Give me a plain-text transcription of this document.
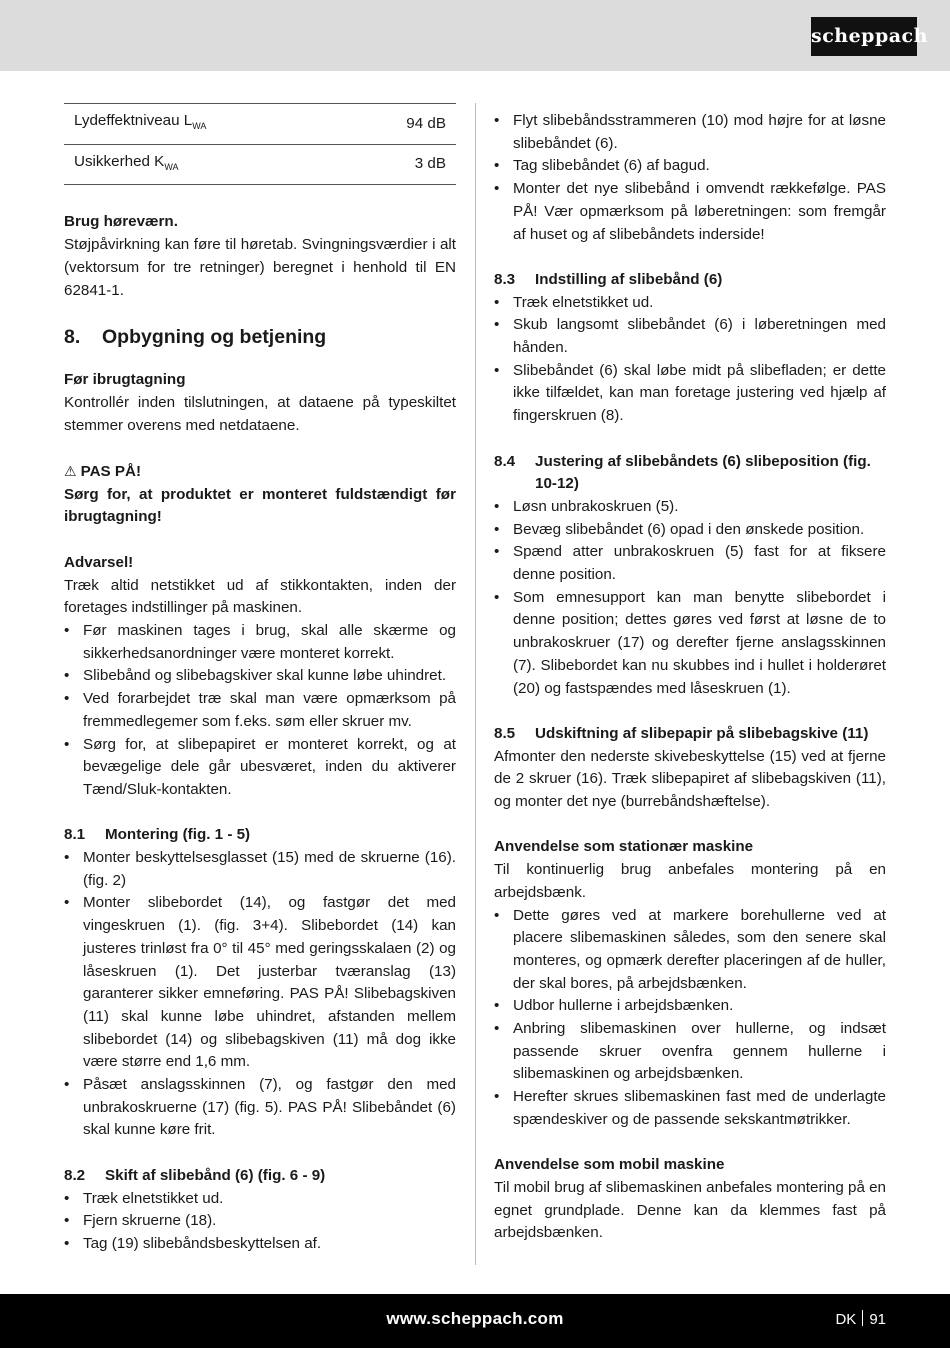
scheppach
Lydeffektniveau $L_{WA}$	94 dB
Usikkerhed $K_{WA}$	3 dB

Brug høreværn.

Støjpåvirkning kan føre til høretab. Svingningsværdier i alt (vektorsum for tre retninger) beregnet i henhold til EN 62841-1.

8.	Opbygning og betjening

Før ibrugtagning

Kontrollér inden tilslutningen, at dataene på typeskiltet stemmer overens med netdataene.

⚠ PAS PÅ!

Sørg for, at produktet er monteret fuldstændigt før ibrugtagning!

Advarsel!

Træk altid netstikket ud af stikkontakten, inden der foretages indstillinger på maskinen.

• Før maskinen tages i brug, skal alle skærme og sikkerhedsanordninger være monteret korrekt.
• Slibebånd og slibebagskiver skal kunne løbe uhindret.
• Ved forarbejdet træ skal man være opmærksom på fremmedlegemer som f.eks. søm eller skruer mv.
• Sørg for, at slibepapiret er monteret korrekt, og at bevægelige dele går ubesværet, inden du aktiverer Tænd/Sluk-kontakten.
8.1	Montering (fig. 1 - 5)
• Monter beskyttelsesglasset (15) med de skruerne (16). (fig. 2)
• Monter slibebordet (14), og fastgør det med vingeskruen (1). (fig. 3+4). Slibebordet (14) kan justeres trinløst fra 0° til 45° med geringsskalaen (2) og låseskruen (1). Det justerbar tværanslag (13) garanterer sikker emneføring. PAS PÅ! Slibebagskiven (11) skal kunne løbe uhindret, afstanden mellem slibebordet (14) og slibebagskiven (11) må dog ikke være større end 1,6 mm.
• Påsæt anslagsskinnen (7), og fastgør den med unbrakoskruerne (17) (fig. 5). PAS PÅ! Slibebåndet (6) skal kunne køre frit.
8.2	Skift af slibebånd (6) (fig. 6 - 9)
• Træk elnetstikket ud.
• Fjern skruerne (18).
• Tag (19) slibebåndsbeskyttelsen af.
• Flyt slibebåndsstrammeren (10) mod højre for at løsne slibebåndet (6).
• Tag slibebåndet (6) af bagud.
• Monter det nye slibebånd i omvendt rækkefølge. PAS PÅ! Vær opmærksom på løberetningen: som fremgår af huset og af slibebåndets inderside!
8.3	Indstilling af slibebånd (6)
• Træk elnetstikket ud.
• Skub langsomt slibebåndet (6) i løberetningen med hånden.
• Slibebåndet (6) skal løbe midt på slibefladen; er dette ikke tilfældet, kan man foretage justering ved hjælp af fingerskruen (8).
8.4	Justering af slibebåndets (6) slibeposition (fig. 10-12)
• Løsn unbrakoskruen (5).
• Bevæg slibebåndet (6) opad i den ønskede position.
• Spænd atter unbrakoskruen (5) fast for at fiksere denne position.
• Som emnesupport kan man benytte slibebordet i denne position; dettes gøres ved først at løsne de to unbrakoskruer (17) og derefter fjerne anslagsskinnen (7). Slibebordet kan nu skubbes ind i hullet i holderøret (20) og fastspændes med låseskruen (1).
8.5	Udskiftning af slibepapir på slibebagskive (11)

Afmonter den nederste skivebeskyttelse (15) ved at fjerne de 2 skruer (16). Træk slibepapiret af slibebagskiven (11), og monter det nye (burrebåndshæftelse).

Anvendelse som stationær maskine

Til kontinuerlig brug anbefales montering på en arbejdsbænk.

• Dette gøres ved at markere borehullerne ved at placere slibemaskinen således, som den senere skal monteres, og opmærk derefter placeringen af de huller, der skal bores, på arbejdsbænken.
• Udbor hullerne i arbejdsbænken.
• Anbring slibemaskinen over hullerne, og indsæt passende skruer ovenfra gennem hullerne i slibemaskinen og arbejdsbænken.
• Herefter skrues slibemaskinen fast med de underlagte spændeskiver og de passende sekskantmøtrikker.

Anvendelse som mobil maskine

Til mobil brug af slibemaskinen anbefales montering på en egnet grundplade. Denne kan da klemmes fast på arbejdsbænken.

www.scheppach.com	DK 91
